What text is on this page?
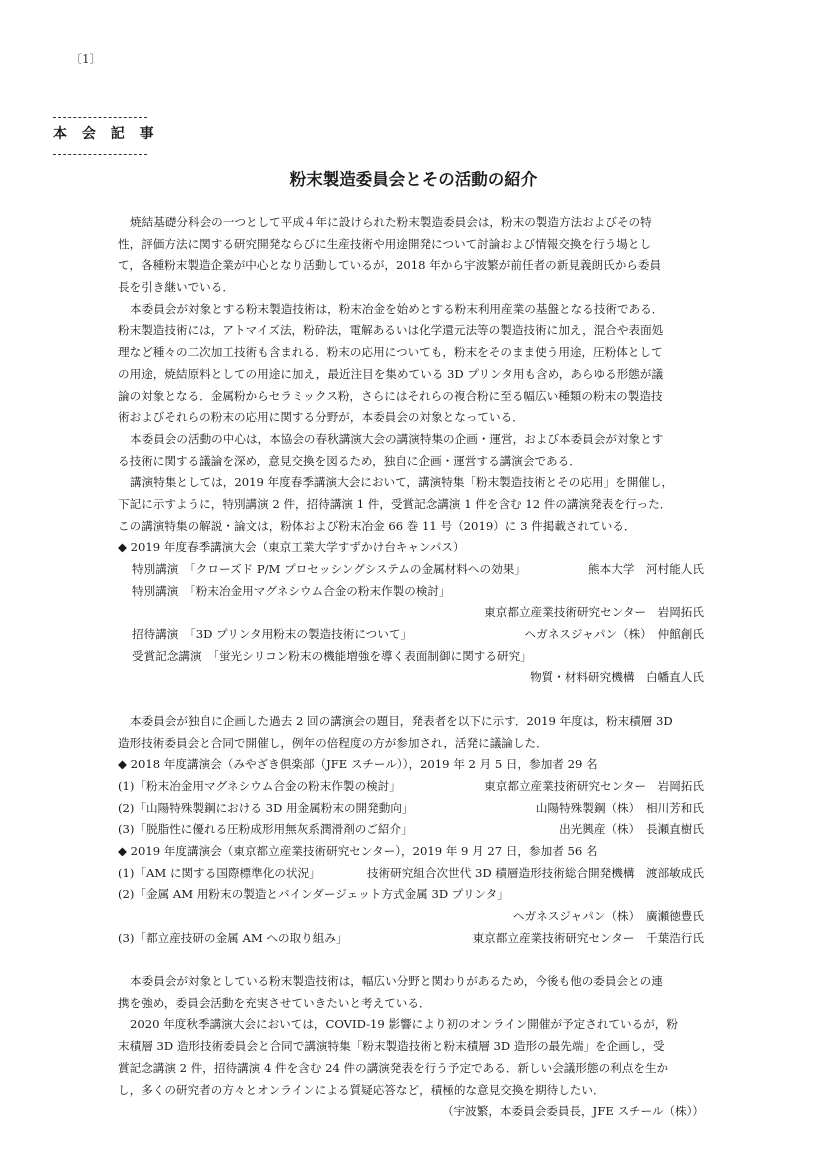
〔1〕
本 会 記 事
粉末製造委員会とその活動の紹介
焼結基礎分科会の一つとして平成４年に設けられた粉末製造委員会は，粉末の製造方法およびその特
性，評価方法に関する研究開発ならびに生産技術や用途開発について討論および情報交換を行う場とし
て，各種粉末製造企業が中心となり活動しているが，2018 年から宇波繁が前任者の新見義朗氏から委員
長を引き継いでいる．
本委員会が対象とする粉末製造技術は，粉末冶金を始めとする粉末利用産業の基盤となる技術である．
粉末製造技術には，アトマイズ法，粉砕法，電解あるいは化学還元法等の製造技術に加え，混合や表面処
理など種々の二次加工技術も含まれる．粉末の応用についても，粉末をそのまま使う用途，圧粉体として
の用途，焼結原料としての用途に加え，最近注目を集めている 3D プリンタ用も含め，あらゆる形態が議
論の対象となる．金属粉からセラミックス粉，さらにはそれらの複合粉に至る幅広い種類の粉末の製造技
術およびそれらの粉末の応用に関する分野が，本委員会の対象となっている．
本委員会の活動の中心は，本協会の春秋講演大会の講演特集の企画・運営，および本委員会が対象とす
る技術に関する議論を深め，意見交換を図るため，独自に企画・運営する講演会である．
講演特集としては，2019 年度春季講演大会において，講演特集「粉末製造技術とその応用」を開催し，
下記に示すように，特別講演 2 件，招待講演 1 件，受賞記念講演 1 件を含む 12 件の講演発表を行った．
この講演特集の解説・論文は，粉体および粉末冶金 66 巻 11 号（2019）に 3 件掲載されている．
◆ 2019 年度春季講演大会（東京工業大学すずかけ台キャンパス）
特別講演　「クローズド P/M プロセッシングシステムの金属材料への効果」	熊本大学　河村能人氏
特別講演　「粉末冶金用マグネシウム合金の粉末作製の検討」
東京都立産業技術研究センター　岩岡拓氏
招待講演　「3D プリンタ用粉末の製造技術について」	ヘガネスジャパン（株）　仲館創氏
受賞記念講演　「蛍光シリコン粉末の機能増強を導く表面制御に関する研究」
物質・材料研究機構　白幡直人氏
本委員会が独自に企画した過去 2 回の講演会の題目，発表者を以下に示す．2019 年度は，粉末積層 3D
造形技術委員会と合同で開催し，例年の倍程度の方が参加され，活発に議論した．
◆ 2018 年度講演会（みやざき倶楽部（JFE スチール）），2019 年 2 月 5 日，参加者 29 名
(1)「粉末冶金用マグネシウム合金の粉末作製の検討」	東京都立産業技術研究センター　岩岡拓氏
(2)「山陽特殊製鋼における 3D 用金属粉末の開発動向」	山陽特殊製鋼（株）　相川芳和氏
(3)「脱脂性に優れる圧粉成形用無灰系潤滑剤のご紹介」	出光興産（株）　長瀬直樹氏
◆ 2019 年度講演会（東京都立産業技術研究センター），2019 年 9 月 27 日，参加者 56 名
(1)「AM に関する国際標準化の状況」	技術研究組合次世代 3D 積層造形技術総合開発機構　渡部敏成氏
(2)「金属 AM 用粉末の製造とバインダージェット方式金属 3D プリンタ」
ヘガネスジャパン（株）　廣瀬徳豊氏
(3)「都立産技研の金属 AM への取り組み」	東京都立産業技術研究センター　千葉浩行氏
本委員会が対象としている粉末製造技術は，幅広い分野と関わりがあるため，今後も他の委員会との連
携を強め，委員会活動を充実させていきたいと考えている．
2020 年度秋季講演大会においては，COVID-19 影響により初のオンライン開催が予定されているが，粉
末積層 3D 造形技術委員会と合同で講演特集「粉末製造技術と粉末積層 3D 造形の最先端」を企画し，受
賞記念講演 2 件，招待講演 4 件を含む 24 件の講演発表を行う予定である．新しい会議形態の利点を生か
し，多くの研究者の方々とオンラインによる質疑応答など，積極的な意見交換を期待したい．
（宇波繁，本委員会委員長，JFE スチール（株））
